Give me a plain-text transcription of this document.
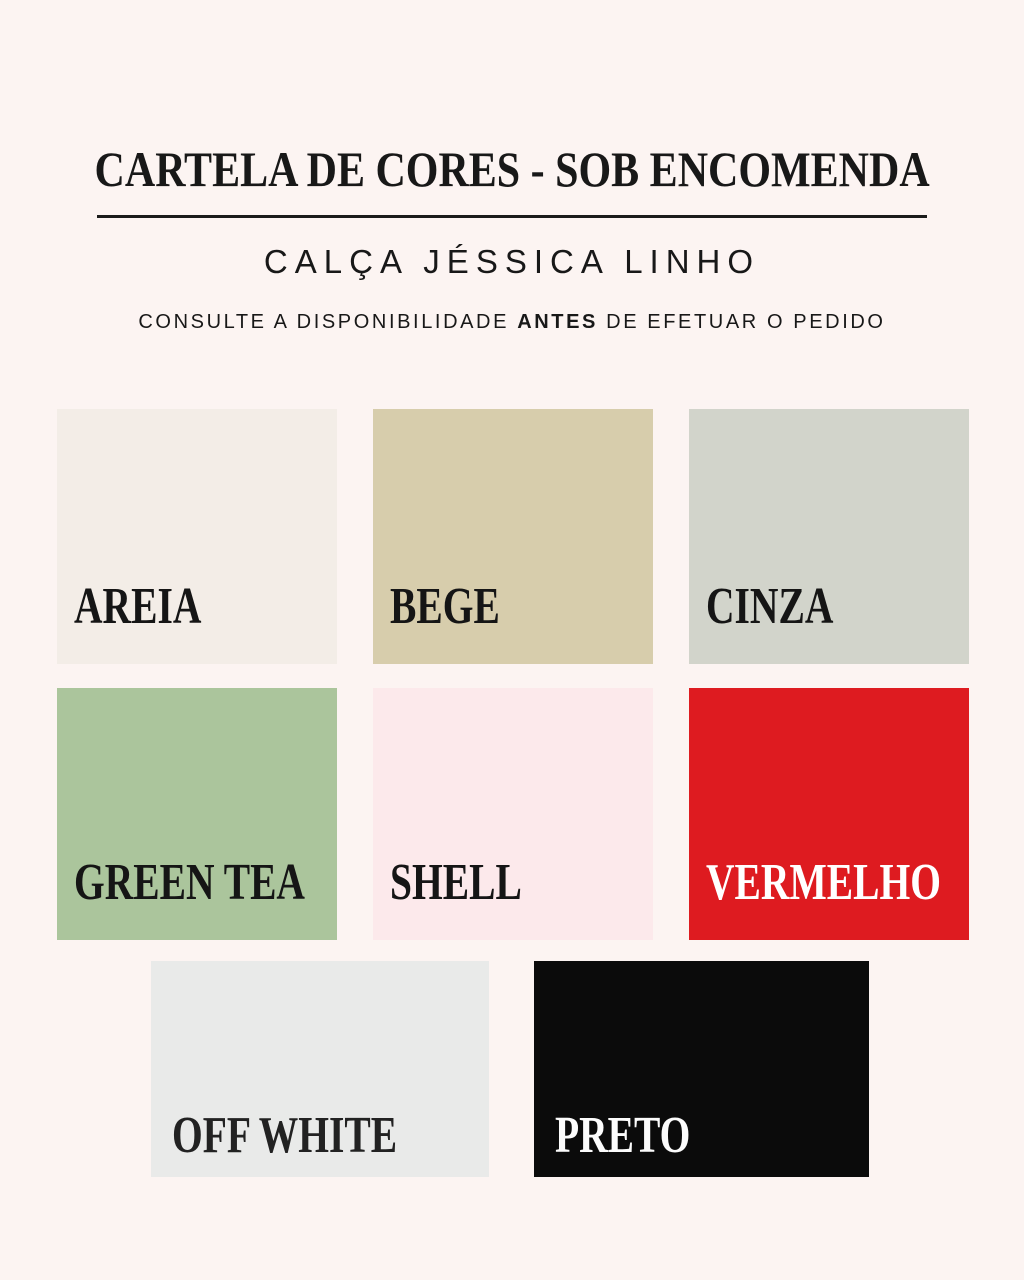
CARTELA DE CORES - SOB ENCOMENDA
CALÇA JÉSSICA LINHO
CONSULTE A DISPONIBILIDADE ANTES DE EFETUAR O PEDIDO
AREIA	BEGE	CINZA
GREEN TEA SHELL	VERMELHO
OFF WHITE	PRETO
